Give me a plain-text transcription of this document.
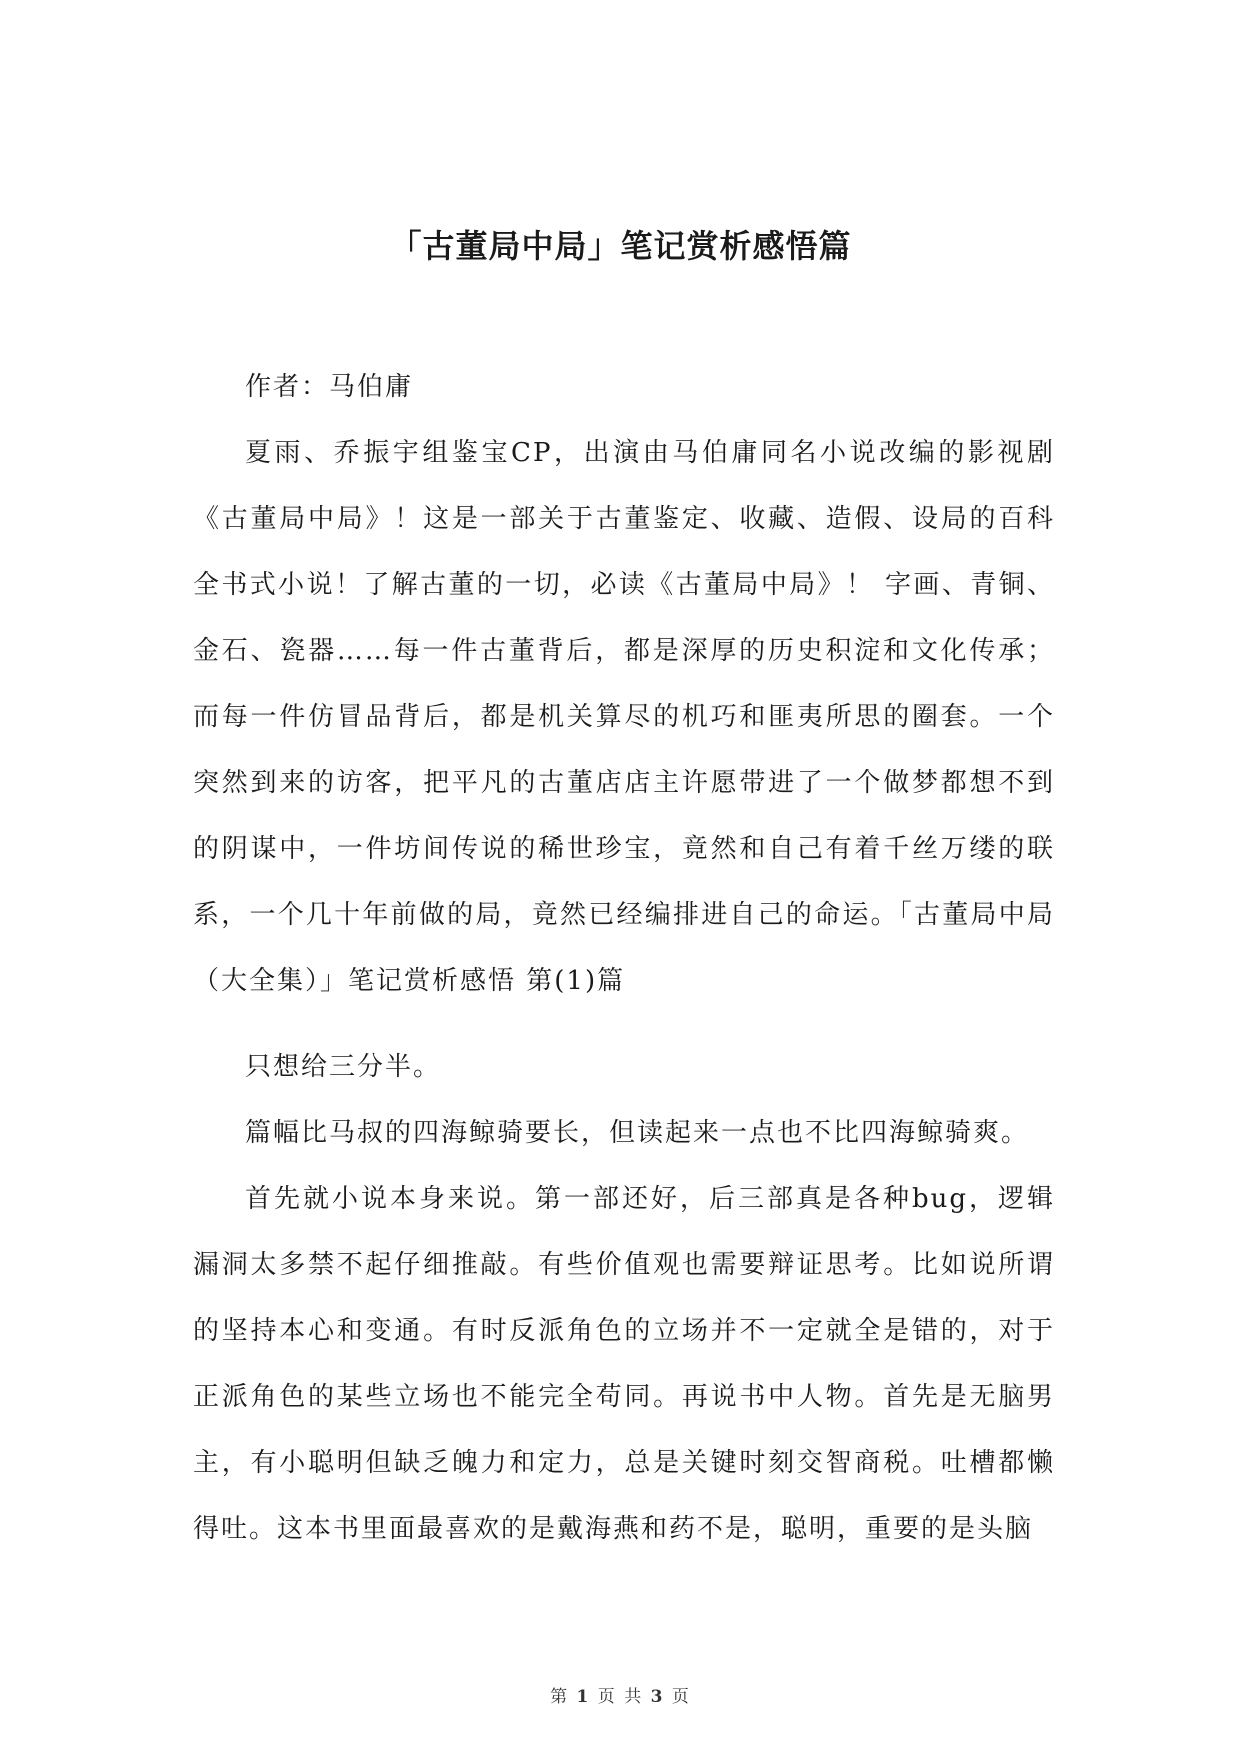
「古董局中局」笔记赏析感悟篇

作者：马伯庸

夏雨、乔振宇组鉴宝CP，出演由马伯庸同名小说改编的影视剧《古董局中局》！这是一部关于古董鉴定、收藏、造假、设局的百科全书式小说！了解古董的一切，必读《古董局中局》！ 字画、青铜、金石、瓷器……每一件古董背后，都是深厚的历史积淀和文化传承；而每一件仿冒品背后，都是机关算尽的机巧和匪夷所思的圈套。一个突然到来的访客，把平凡的古董店店主许愿带进了一个做梦都想不到的阴谋中，一件坊间传说的稀世珍宝，竟然和自己有着千丝万缕的联系，一个几十年前做的局，竟然已经编排进自己的命运。「古董局中局（大全集）」笔记赏析感悟 第(1)篇

只想给三分半。

篇幅比马叔的四海鲸骑要长，但读起来一点也不比四海鲸骑爽。

首先就小说本身来说。第一部还好，后三部真是各种bug，逻辑漏洞太多禁不起仔细推敲。有些价值观也需要辩证思考。比如说所谓的坚持本心和变通。有时反派角色的立场并不一定就全是错的，对于正派角色的某些立场也不能完全苟同。再说书中人物。首先是无脑男主，有小聪明但缺乏魄力和定力，总是关键时刻交智商税。吐槽都懒得吐。这本书里面最喜欢的是戴海燕和药不是，聪明，重要的是头脑

第 1 页 共 3 页
